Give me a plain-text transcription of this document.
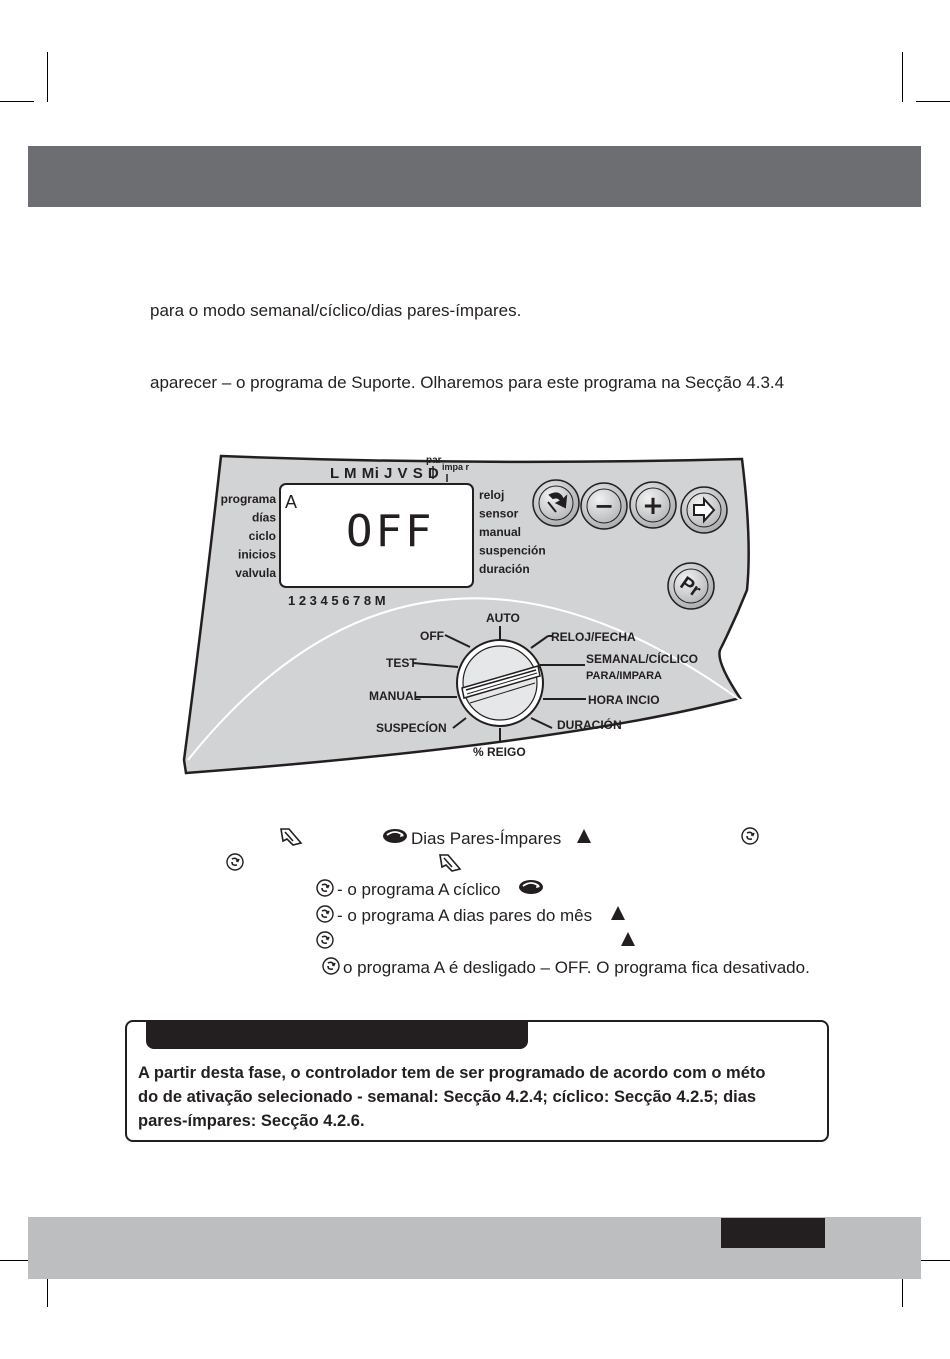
para o modo semanal/cíclico/dias pares-ímpares.
aparecer – o programa de Suporte. Olharemos para este programa na Secção 4.3.4
L M Mi J V S D
par
impa r
A
OFF
programa
días
ciclo
inicios
valvula
reloj
sensor
manual
suspención
duración
1 2 3 4 5 6 7 8 M
− +
Pr
AUTO
RELOJ/FECHA
SEMANAL/CÍCLICO
PARA/IMPARA
HORA INCIO
DURACIÓN
% REIGO
SUSPECÍON
MANUAL
TEST
OFF
Dias Pares-Ímpares
- o programa A cíclico
- o programa A dias pares do mês
o programa A é desligado – OFF. O programa fica desativado.
A partir desta fase, o controlador tem de ser programado de acordo com o méto
do de ativação selecionado - semanal: Secção 4.2.4; cíclico: Secção 4.2.5; dias
pares-ímpares: Secção 4.2.6.
